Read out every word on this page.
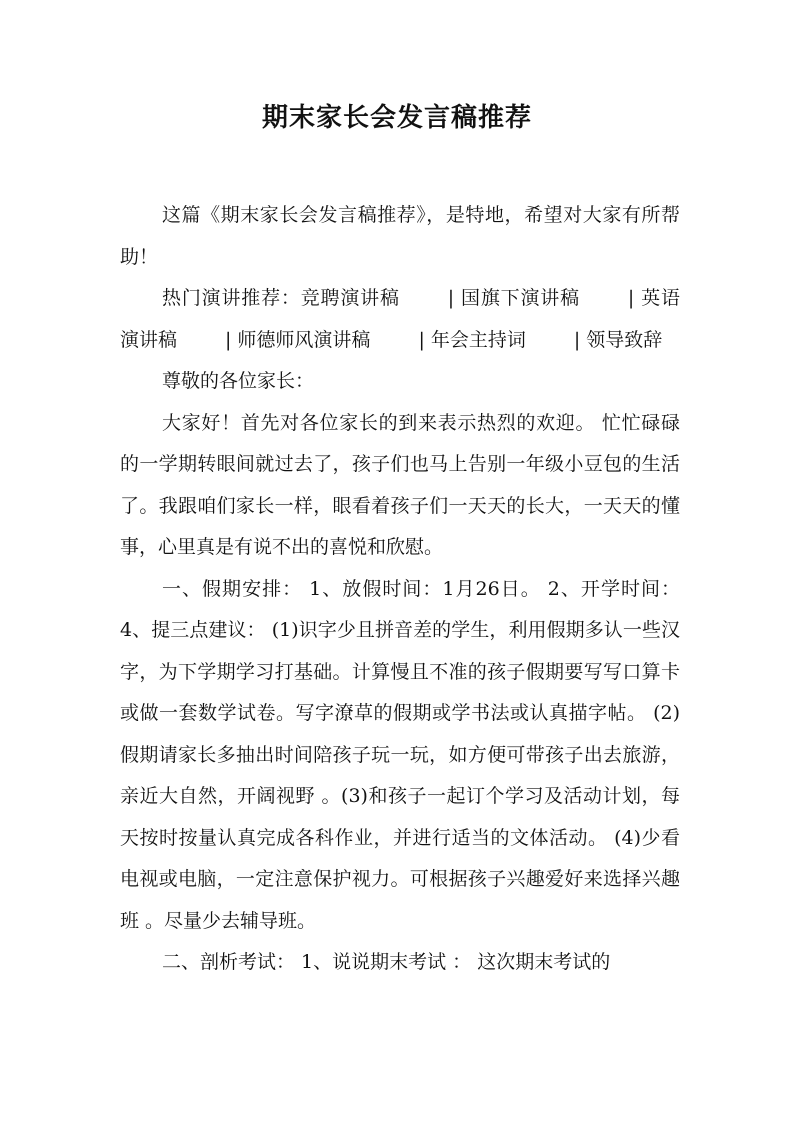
期末家长会发言稿推荐

这篇《期末家长会发言稿推荐》，是特地，希望对大家有所帮助！

热门演讲推荐：竞聘演讲稿	| 国旗下演讲稿	| 英语演讲稿	| 师德师风演讲稿	| 年会主持词	| 领导致辞

尊敬的各位家长：

大家好！首先对各位家长的到来表示热烈的欢迎。 忙忙碌碌的一学期转眼间就过去了，孩子们也马上告别一年级小豆包的生活了。我跟咱们家长一样，眼看着孩子们一天天的长大，一天天的懂事，心里真是有说不出的喜悦和欣慰。

一、假期安排： 1、放假时间：1月26日。 2、开学时间： 4、提三点建议： (1)识字少且拼音差的学生，利用假期多认一些汉字，为下学期学习打基础。计算慢且不准的孩子假期要写写口算卡或做一套数学试卷。写字潦草的假期或学书法或认真描字帖。 (2)假期请家长多抽出时间陪孩子玩一玩，如方便可带孩子出去旅游，亲近大自然，开阔视野 。(3)和孩子一起订个学习及活动计划，每天按时按量认真完成各科作业，并进行适当的文体活动。 (4)少看电视或电脑，一定注意保护视力。可根据孩子兴趣爱好来选择兴趣班 。尽量少去辅导班。

二、剖析考试： 1、说说期末考试 ： 这次期末考试的
